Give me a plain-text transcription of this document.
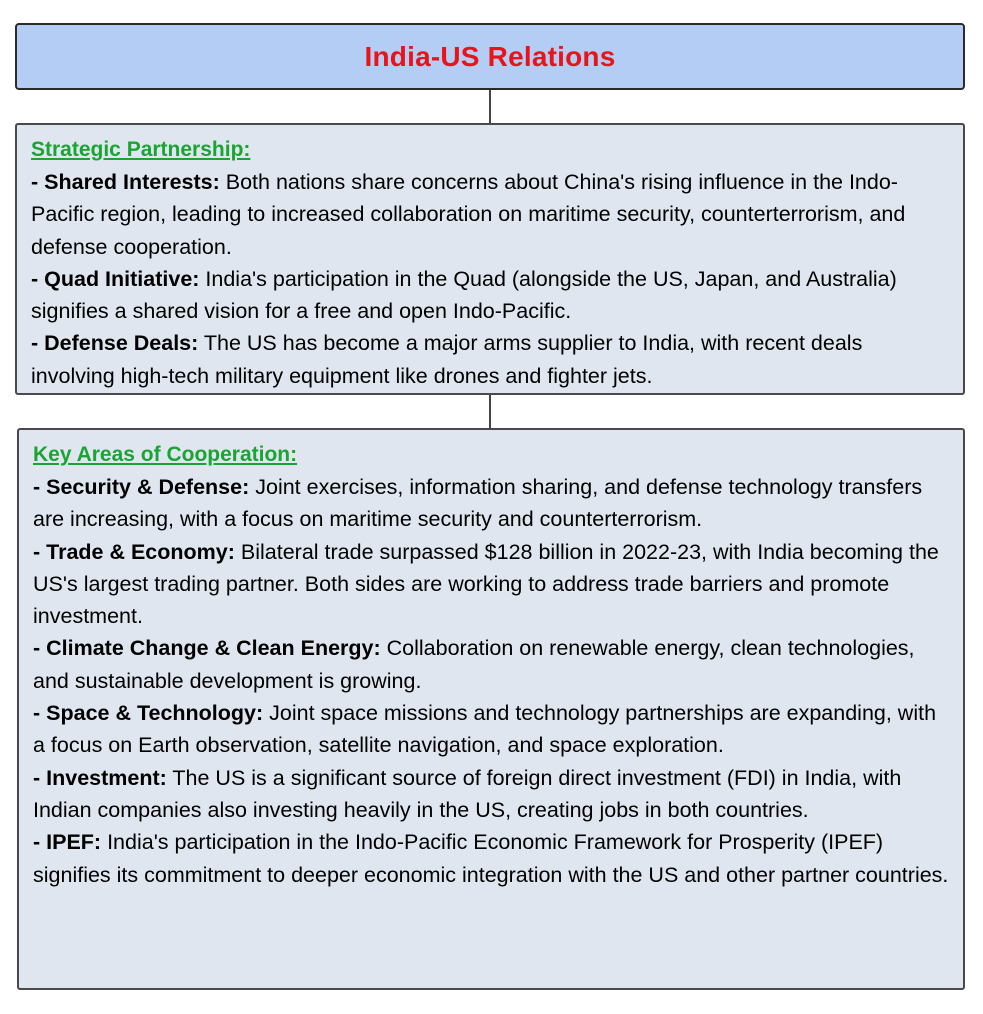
India-US Relations
Strategic Partnership:
- Shared Interests: Both nations share concerns about China's rising influence in the Indo-Pacific region, leading to increased collaboration on maritime security, counterterrorism, and defense cooperation.
- Quad Initiative: India's participation in the Quad (alongside the US, Japan, and Australia) signifies a shared vision for a free and open Indo-Pacific.
- Defense Deals: The US has become a major arms supplier to India, with recent deals involving high-tech military equipment like drones and fighter jets.
Key Areas of Cooperation:
- Security & Defense: Joint exercises, information sharing, and defense technology transfers are increasing, with a focus on maritime security and counterterrorism.
- Trade & Economy: Bilateral trade surpassed $128 billion in 2022-23, with India becoming the US's largest trading partner. Both sides are working to address trade barriers and promote investment.
- Climate Change & Clean Energy: Collaboration on renewable energy, clean technologies, and sustainable development is growing.
- Space & Technology: Joint space missions and technology partnerships are expanding, with a focus on Earth observation, satellite navigation, and space exploration.
- Investment: The US is a significant source of foreign direct investment (FDI) in India, with Indian companies also investing heavily in the US, creating jobs in both countries.
- IPEF: India's participation in the Indo-Pacific Economic Framework for Prosperity (IPEF) signifies its commitment to deeper economic integration with the US and other partner countries.
